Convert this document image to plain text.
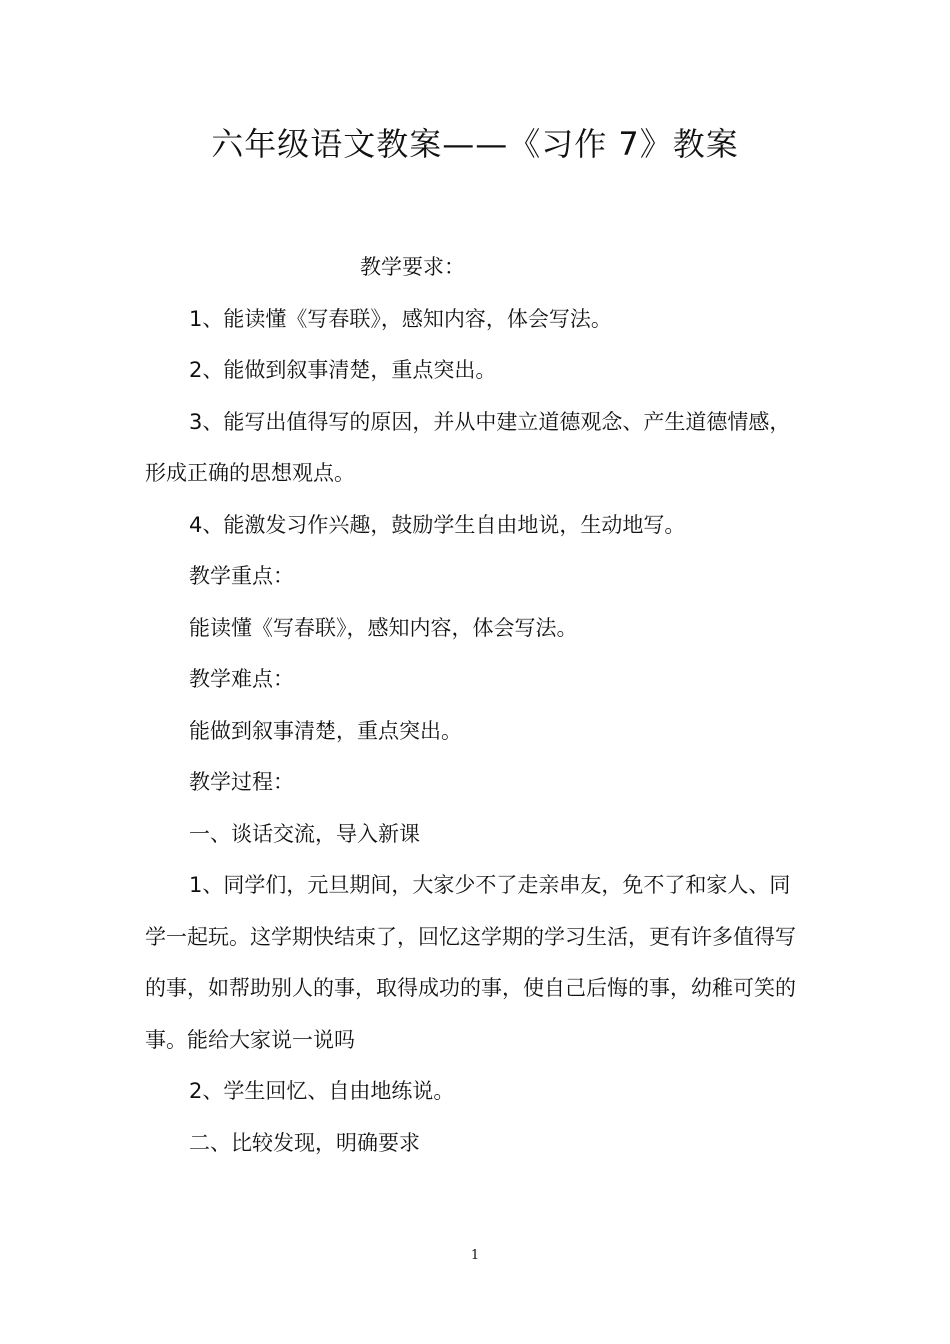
六年级语文教案——《习作 7》教案

教学要求：

1、能读懂《写春联》，感知内容，体会写法。

2、能做到叙事清楚，重点突出。

3、能写出值得写的原因，并从中建立道德观念、产生道德情感，形成正确的思想观点。

4、能激发习作兴趣，鼓励学生自由地说，生动地写。

教学重点：

能读懂《写春联》，感知内容，体会写法。

教学难点：

能做到叙事清楚，重点突出。

教学过程：

一、谈话交流，导入新课

1、同学们，元旦期间，大家少不了走亲串友，免不了和家人、同学一起玩。这学期快结束了，回忆这学期的学习生活，更有许多值得写的事，如帮助别人的事，取得成功的事，使自己后悔的事，幼稚可笑的事。能给大家说一说吗

2、学生回忆、自由地练说。

二、比较发现，明确要求

1
